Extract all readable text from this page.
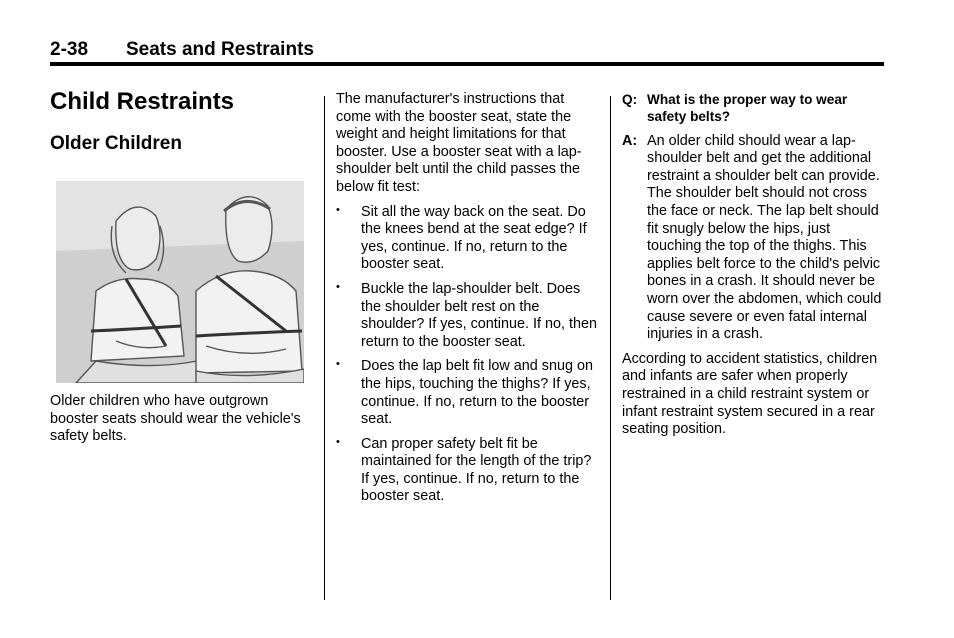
2-38 Seats and Restraints
Child Restraints
Older Children

Older children who have outgrown booster seats should wear the vehicle's safety belts.

The manufacturer's instructions that come with the booster seat, state the weight and height limitations for that booster. Use a booster seat with a lap-shoulder belt until the child passes the below fit test:

• Sit all the way back on the seat. Do the knees bend at the seat edge? If yes, continue. If no, return to the booster seat.
• Buckle the lap-shoulder belt. Does the shoulder belt rest on the shoulder? If yes, continue. If no, then return to the booster seat.
• Does the lap belt fit low and snug on the hips, touching the thighs? If yes, continue. If no, return to the booster seat.
• Can proper safety belt fit be maintained for the length of the trip? If yes, continue. If no, return to the booster seat.
Q: What is the proper way to wear safety belts?
A: An older child should wear a lap-shoulder belt and get the additional restraint a shoulder belt can provide. The shoulder belt should not cross the face or neck. The lap belt should fit snugly below the hips, just touching the top of the thighs. This applies belt force to the child's pelvic bones in a crash. It should never be worn over the abdomen, which could cause severe or even fatal internal injuries in a crash.

According to accident statistics, children and infants are safer when properly restrained in a child restraint system or infant restraint system secured in a rear seating position.
